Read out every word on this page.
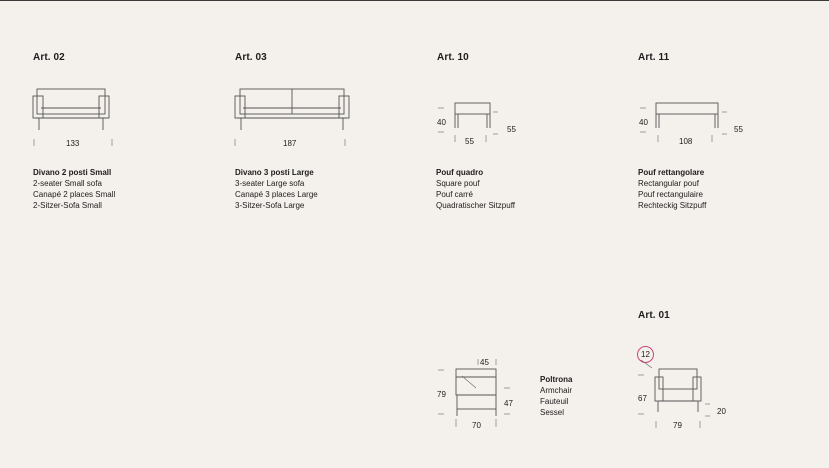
Art. 02
133
Divano 2 posti Small
2-seater Small sofa
Canapé 2 places Small
2-Sitzer-Sofa Small
Art. 03
187
Divano 3 posti Large
3-seater Large sofa
Canapé 3 places Large
3-Sitzer-Sofa Large
Art. 10
40
55
55
Pouf quadro
Square pouf
Pouf carré
Quadratischer Sitzpuff
Art. 11
40
55
108
Pouf rettangolare
Rectangular pouf
Pouf rectangulaire
Rechteckig Sitzpuff
45
79
47
70
Poltrona
Armchair
Fauteuil
Sessel
Art. 01
12
67
20
79
